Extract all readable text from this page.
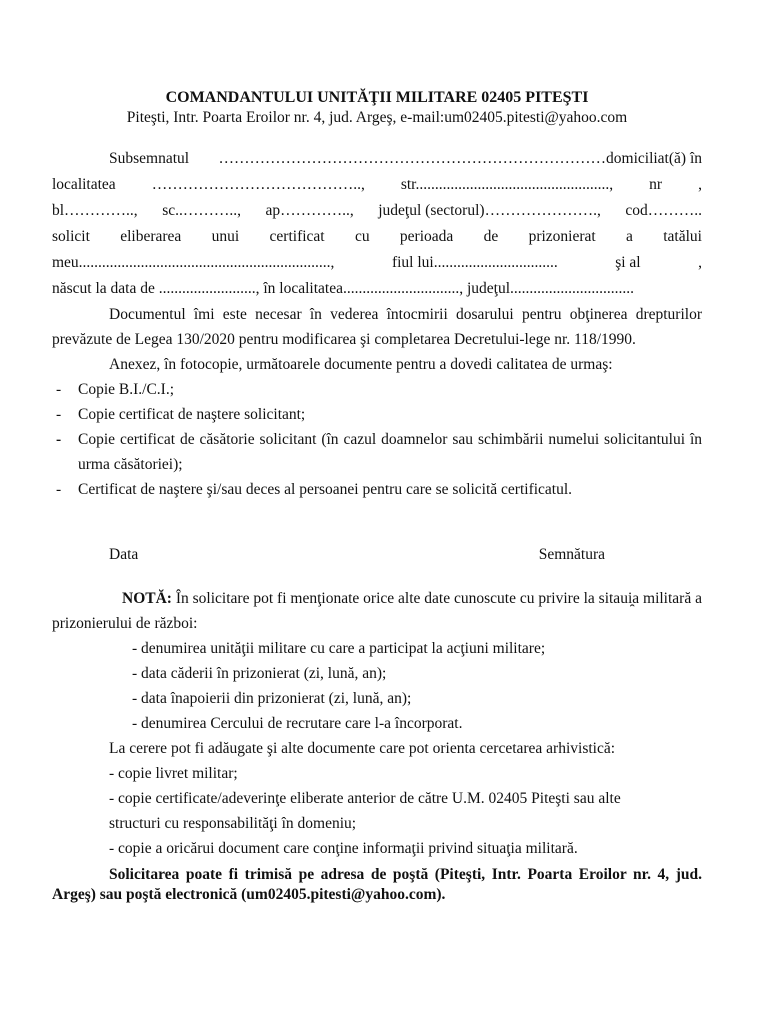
COMANDANTULUI UNITĂŢII MILITARE 02405 PITEŞTI
Piteşti, Intr. Poarta Eroilor nr. 4, jud. Argeş, e-mail:um02405.pitesti@yahoo.com
Subsemnatul …………………………………………………………………domiciliat(ă) în
localitatea ………………………………….., str.................................................., nr ,
bl………….., sc..……….., ap………….., judeţul (sectorul)…………………., cod………..
solicit eliberarea unui certificat cu perioada de prizonierat a tatălui
meu.................................................................,	fiul lui................................	şi al	,
născut la data de .........................,
în localitatea..............................,
judeţul................................
Documentul îmi este necesar în vederea întocmirii dosarului pentru obţinerea drepturilor prevăzute de Legea 130/2020 pentru modificarea şi completarea Decretului-lege nr. 118/1990.
Anexez, în fotocopie, următoarele documente pentru a dovedi calitatea de urmaş:
- Copie B.I./C.I.;
- Copie certificat de naştere solicitant;
- Copie certificat de căsătorie solicitant (în cazul doamnelor sau schimbării numelui solicitantului în urma căsătoriei);
- Certificat de naştere şi/sau deces al persoanei pentru care se solicită certificatul.
Data	Semnătura
NOTĂ: În solicitare pot fi menţionate orice alte date cunoscute cu privire la sitaui̯a militară a prizonierului de război:
- denumirea unităţii militare cu care a participat la acţiuni militare;
- data căderii în prizonierat (zi, lună, an);
- data înapoierii din prizonierat (zi, lună, an);
- denumirea Cercului de recrutare care l-a încorporat.
La cerere pot fi adăugate şi alte documente care pot orienta cercetarea arhivistică:
- copie livret militar;
- copie certificate/adeverinţe eliberate anterior de către U.M. 02405 Piteşti sau alte
structuri cu responsabilităţi în domeniu;
- copie a oricărui document care conţine informaţii privind situaţia militară.
Solicitarea poate fi trimisă pe adresa de poştă (Piteşti, Intr. Poarta Eroilor nr. 4, jud. Argeş) sau poştă electronică (um02405.pitesti@yahoo.com).
